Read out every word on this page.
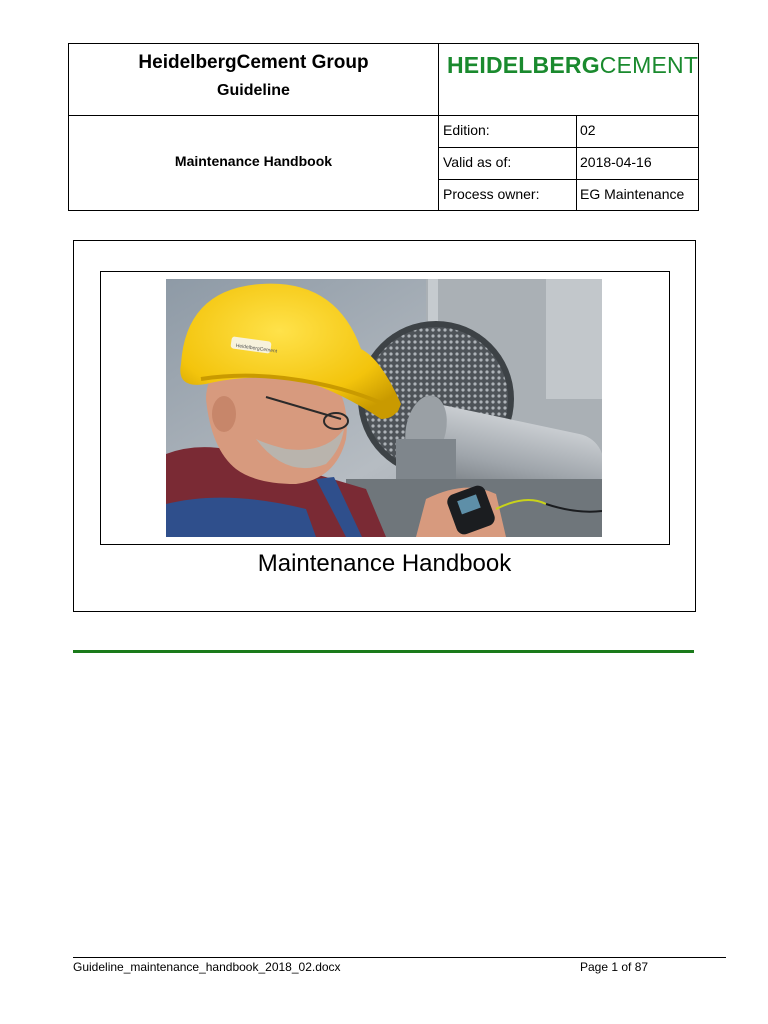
HeidelbergCement Group
Guideline
HEIDELBERGCEMENT
Maintenance Handbook
Edition:	02
Valid as of:	2018-04-16
Process owner:	EG Maintenance
HeidelbergCement
Maintenance Handbook
Guideline_maintenance_handbook_2018_02.docx	Page 1 of 87
